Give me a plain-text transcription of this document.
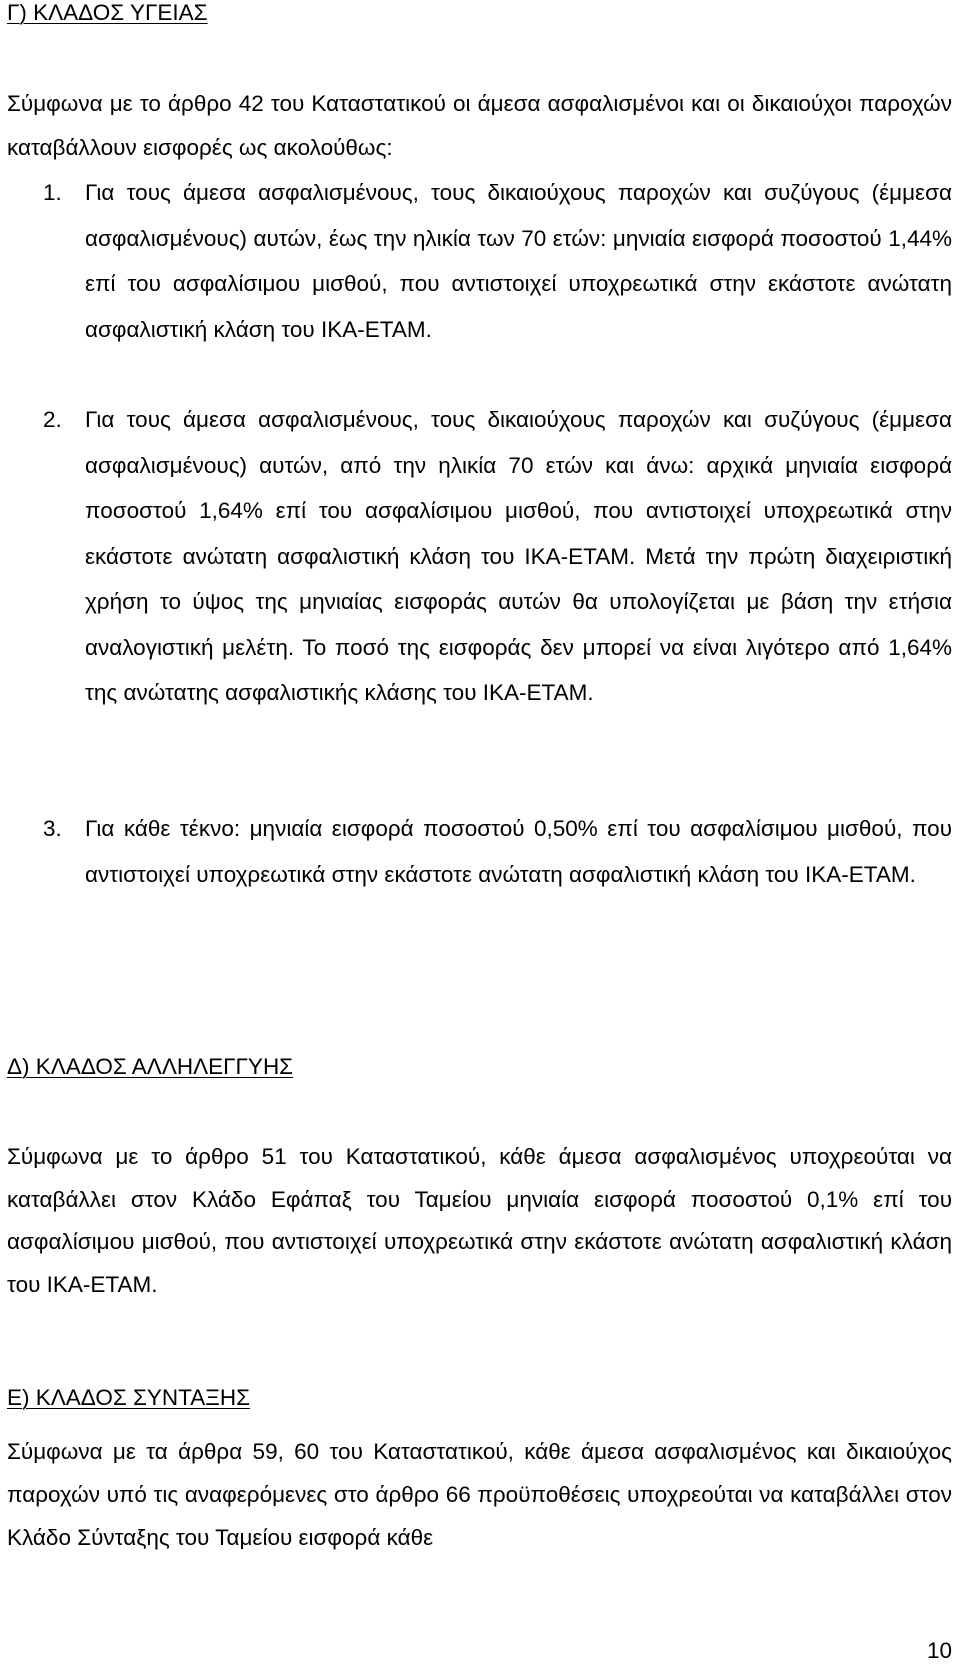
Γ) ΚΛΑΔΟΣ ΥΓΕΙΑΣ

Σύμφωνα με το άρθρο 42 του Καταστατικού οι άμεσα ασφαλισμένοι και οι δικαιούχοι παροχών καταβάλλουν εισφορές ως ακολούθως:

1.	Για τους άμεσα ασφαλισμένους, τους δικαιούχους παροχών και συζύγους (έμμεσα ασφαλισμένους) αυτών, έως την ηλικία των 70 ετών: μηνιαία εισφορά ποσοστού 1,44% επί του ασφαλίσιμου μισθού, που αντιστοιχεί υποχρεωτικά στην εκάστοτε ανώτατη ασφαλιστική κλάση του ΙΚΑ-ΕΤΑΜ.
2.	Για τους άμεσα ασφαλισμένους, τους δικαιούχους παροχών και συζύγους (έμμεσα ασφαλισμένους) αυτών, από την ηλικία 70 ετών και άνω: αρχικά μηνιαία εισφορά ποσοστού 1,64% επί του ασφαλίσιμου μισθού, που αντιστοιχεί υποχρεωτικά στην εκάστοτε ανώτατη ασφαλιστική κλάση του ΙΚΑ-ΕΤΑΜ. Μετά την πρώτη διαχειριστική χρήση το ύψος της μηνιαίας εισφοράς αυτών θα υπολογίζεται με βάση την ετήσια αναλογιστική μελέτη. Το ποσό της εισφοράς δεν μπορεί να είναι λιγότερο από 1,64% της ανώτατης ασφαλιστικής κλάσης του ΙΚΑ-ΕΤΑΜ.
3.	Για κάθε τέκνο: μηνιαία εισφορά ποσοστού 0,50% επί του ασφαλίσιμου μισθού, που αντιστοιχεί υποχρεωτικά στην εκάστοτε ανώτατη ασφαλιστική κλάση του ΙΚΑ-ΕΤΑΜ.
Δ) ΚΛΑΔΟΣ ΑΛΛΗΛΕΓΓΥΗΣ

Σύμφωνα με το άρθρο 51 του Καταστατικού, κάθε άμεσα ασφαλισμένος υποχρεούται να καταβάλλει στον Κλάδο Εφάπαξ του Ταμείου μηνιαία εισφορά ποσοστού 0,1% επί του ασφαλίσιμου μισθού, που αντιστοιχεί υποχρεωτικά στην εκάστοτε ανώτατη ασφαλιστική κλάση του ΙΚΑ-ΕΤΑΜ.

Ε) ΚΛΑΔΟΣ ΣΥΝΤΑΞΗΣ

Σύμφωνα με τα άρθρα 59, 60 του Καταστατικού, κάθε άμεσα ασφαλισμένος και δικαιούχος παροχών υπό τις αναφερόμενες στο άρθρο 66 προϋποθέσεις υποχρεούται να καταβάλλει στον Κλάδο Σύνταξης του Ταμείου εισφορά κάθε

10
